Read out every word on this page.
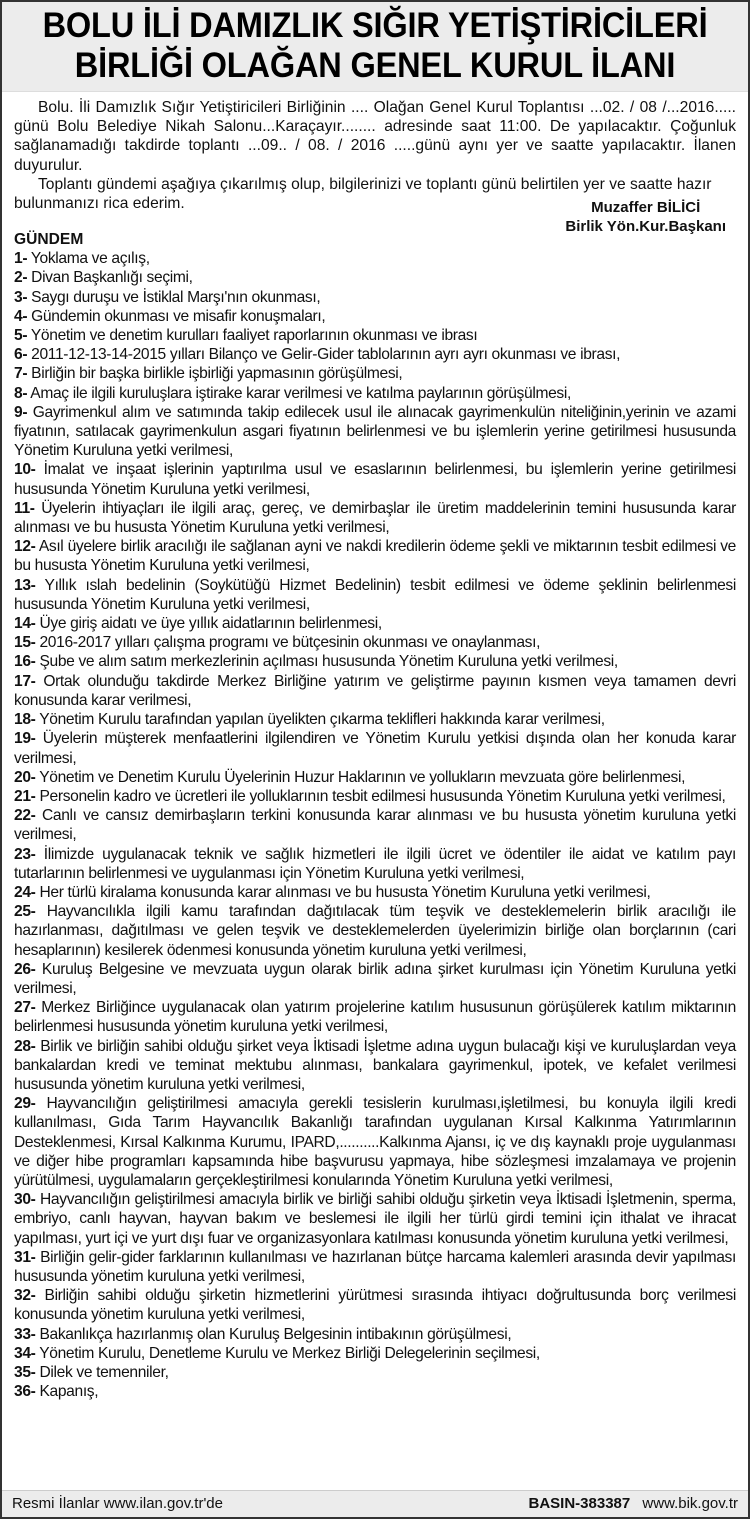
BOLU İLİ DAMIZLIK SIĞIR YETİŞTİRİCİLERİ
BİRLİĞİ OLAĞAN GENEL KURUL İLANI

Bolu. İli Damızlık Sığır Yetiştiricileri Birliğinin .... Olağan Genel Kurul Toplantısı ...02. / 08 /...2016..... günü Bolu Belediye Nikah Salonu...Karaçayır........ adresinde saat 11:00. De yapılacaktır. Çoğunluk sağlanamadığı takdirde toplantı ...09.. / 08. / 2016 .....günü aynı yer ve saatte yapılacaktır. İlanen duyurulur.

Toplantı gündemi aşağıya çıkarılmış olup, bilgilerinizi ve toplantı günü belirtilen yer ve saatte hazır

bulunmanızı rica ederim.	Muzaffer BİLİCİ
Birlik Yön.Kur.Başkanı
GÜNDEM
1- Yoklama ve açılış,
2- Divan Başkanlığı seçimi,
3- Saygı duruşu ve İstiklal Marşı'nın okunması,
4- Gündemin okunması ve misafir konuşmaları,
5- Yönetim ve denetim kurulları faaliyet raporlarının okunması ve ibrası
6- 2011-12-13-14-2015 yılları Bilanço ve Gelir-Gider tablolarının ayrı ayrı okunması ve ibrası,
7- Birliğin bir başka birlikle işbirliği yapmasının görüşülmesi,
8- Amaç ile ilgili kuruluşlara iştirake karar verilmesi ve katılma paylarının görüşülmesi,
9- Gayrimenkul alım ve satımında takip edilecek usul ile alınacak gayrimenkulün niteliğinin,yerinin ve azami fiyatının, satılacak gayrimenkulun asgari fiyatının belirlenmesi ve bu işlemlerin yerine getirilmesi hususunda Yönetim Kuruluna yetki verilmesi,
10- İmalat ve inşaat işlerinin yaptırılma usul ve esaslarının belirlenmesi, bu işlemlerin yerine getirilmesi hususunda Yönetim Kuruluna yetki verilmesi,
11- Üyelerin ihtiyaçları ile ilgili araç, gereç, ve demirbaşlar ile üretim maddelerinin temini hususunda karar alınması ve bu hususta Yönetim Kuruluna yetki verilmesi,
12- Asıl üyelere birlik aracılığı ile sağlanan ayni ve nakdi kredilerin ödeme şekli ve miktarının tesbit edilmesi ve bu hususta Yönetim Kuruluna yetki verilmesi,
13- Yıllık ıslah bedelinin (Soykütüğü Hizmet Bedelinin) tesbit edilmesi ve ödeme şeklinin belirlenmesi hususunda Yönetim Kuruluna yetki verilmesi,
14- Üye giriş aidatı ve üye yıllık aidatlarının belirlenmesi,
15- 2016-2017 yılları çalışma programı ve bütçesinin okunması ve onaylanması,
16- Şube ve alım satım merkezlerinin açılması hususunda Yönetim Kuruluna yetki verilmesi,
17- Ortak olunduğu takdirde Merkez Birliğine yatırım ve geliştirme payının kısmen veya tamamen devri konusunda karar verilmesi,
18- Yönetim Kurulu tarafından yapılan üyelikten çıkarma teklifleri hakkında karar verilmesi,
19- Üyelerin müşterek menfaatlerini ilgilendiren ve Yönetim Kurulu yetkisi dışında olan her konuda karar verilmesi,
20- Yönetim ve Denetim Kurulu Üyelerinin Huzur Haklarının ve yollukların mevzuata göre belirlenmesi,
21- Personelin kadro ve ücretleri ile yolluklarının tesbit edilmesi hususunda Yönetim Kuruluna yetki verilmesi,
22- Canlı ve cansız demirbaşların terkini konusunda karar alınması ve bu hususta yönetim kuruluna yetki verilmesi,
23- İlimizde uygulanacak teknik ve sağlık hizmetleri ile ilgili ücret ve ödentiler ile aidat ve katılım payı tutarlarının belirlenmesi ve uygulanması için Yönetim Kuruluna yetki verilmesi,
24- Her türlü kiralama konusunda karar alınması ve bu hususta Yönetim Kuruluna yetki verilmesi,
25- Hayvancılıkla ilgili kamu tarafından dağıtılacak tüm teşvik ve desteklemelerin birlik aracılığı ile hazırlanması, dağıtılması ve gelen teşvik ve desteklemelerden üyelerimizin birliğe olan borçlarının (cari hesaplarının) kesilerek ödenmesi konusunda yönetim kuruluna yetki verilmesi,
26- Kuruluş Belgesine ve mevzuata uygun olarak birlik adına şirket kurulması için Yönetim Kuruluna yetki verilmesi,
27- Merkez Birliğince uygulanacak olan yatırım projelerine katılım hususunun görüşülerek katılım miktarının belirlenmesi hususunda yönetim kuruluna yetki verilmesi,
28- Birlik ve birliğin sahibi olduğu şirket veya İktisadi İşletme adına uygun bulacağı kişi ve kuruluşlardan veya bankalardan kredi ve teminat mektubu alınması, bankalara gayrimenkul, ipotek, ve kefalet verilmesi hususunda yönetim kuruluna yetki verilmesi,
29- Hayvancılığın geliştirilmesi amacıyla gerekli tesislerin kurulması,işletilmesi, bu konuyla ilgili kredi kullanılması, Gıda Tarım Hayvancılık Bakanlığı tarafından uygulanan Kırsal Kalkınma Yatırımlarının Desteklenmesi, Kırsal Kalkınma Kurumu, IPARD,..........Kalkınma Ajansı, iç ve dış kaynaklı proje uygulanması ve diğer hibe programları kapsamında hibe başvurusu yapmaya, hibe sözleşmesi imzalamaya ve projenin yürütülmesi, uygulamaların gerçekleştirilmesi konularında Yönetim Kuruluna yetki verilmesi,
30- Hayvancılığın geliştirilmesi amacıyla birlik ve birliği sahibi olduğu şirketin veya İktisadi İşletmenin, sperma, embriyo, canlı hayvan, hayvan bakım ve beslemesi ile ilgili her türlü girdi temini için ithalat ve ihracat yapılması, yurt içi ve yurt dışı fuar ve organizasyonlara katılması konusunda yönetim kuruluna yetki verilmesi,
31- Birliğin gelir-gider farklarının kullanılması ve hazırlanan bütçe harcama kalemleri arasında devir yapılması hususunda yönetim kuruluna yetki verilmesi,
32- Birliğin sahibi olduğu şirketin hizmetlerini yürütmesi sırasında ihtiyacı doğrultusunda borç verilmesi konusunda yönetim kuruluna yetki verilmesi,
33- Bakanlıkça hazırlanmış olan Kuruluş Belgesinin intibakının görüşülmesi,
34- Yönetim Kurulu, Denetleme Kurulu ve Merkez Birliği Delegelerinin seçilmesi,
35- Dilek ve temenniler,
36- Kapanış,
Resmi İlanlar www.ilan.gov.tr'de	BASIN-383387 www.bik.gov.tr
